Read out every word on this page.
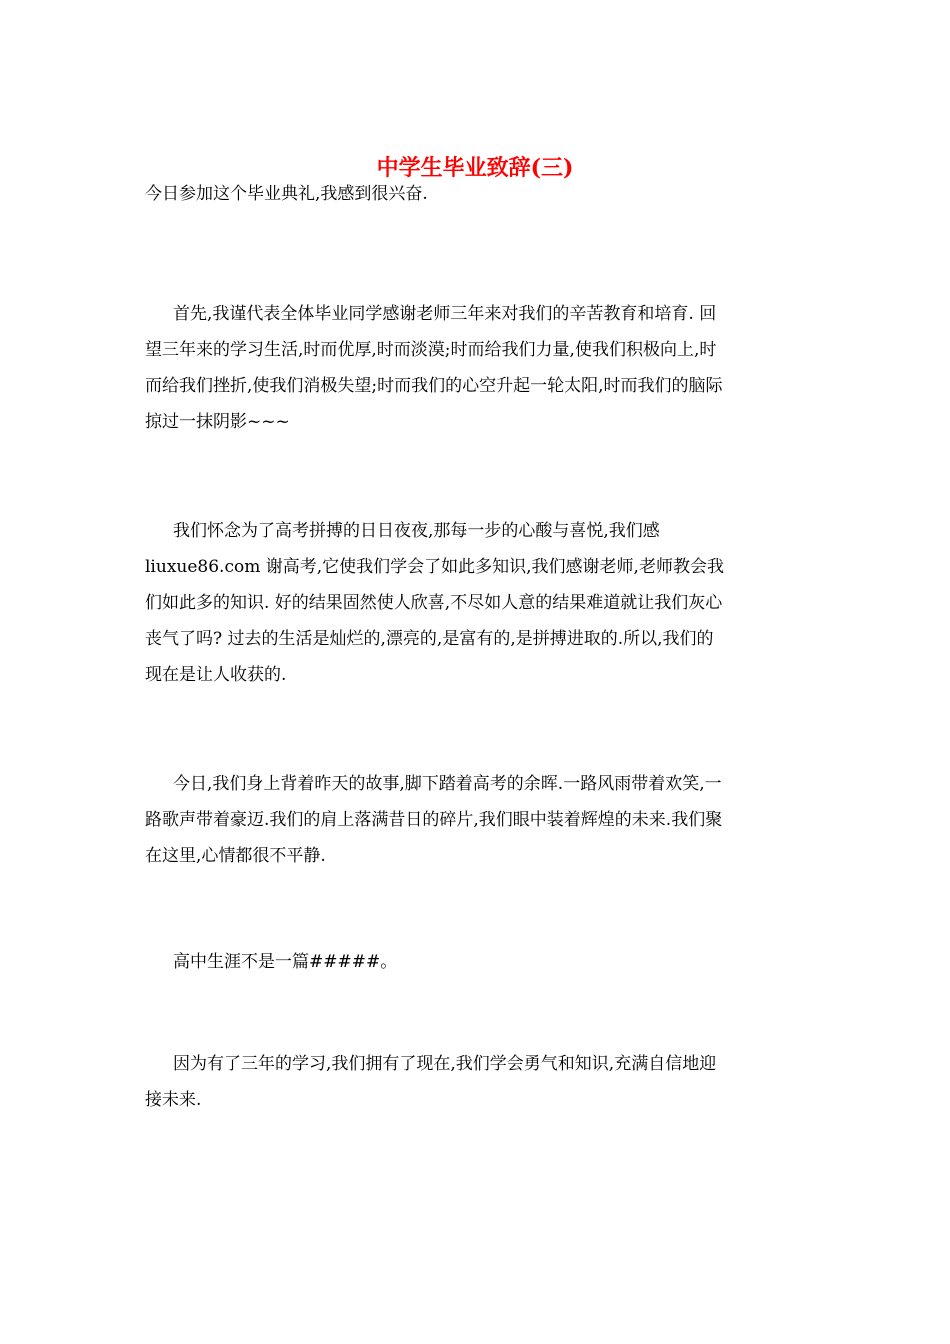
中学生毕业致辞(三)

今日参加这个毕业典礼,我感到很兴奋.

首先,我谨代表全体毕业同学感谢老师三年来对我们的辛苦教育和培育. 回
望三年来的学习生活,时而优厚,时而淡漠;时而给我们力量,使我们积极向上,时
而给我们挫折,使我们消极失望;时而我们的心空升起一轮太阳,时而我们的脑际
掠过一抹阴影~~~

我们怀念为了高考拼搏的日日夜夜,那每一步的心酸与喜悦,我们感
liuxue86.com 谢高考,它使我们学会了如此多知识,我们感谢老师,老师教会我
们如此多的知识. 好的结果固然使人欣喜,不尽如人意的结果难道就让我们灰心
丧气了吗? 过去的生活是灿烂的,漂亮的,是富有的,是拼搏进取的.所以,我们的
现在是让人收获的.

今日,我们身上背着昨天的故事,脚下踏着高考的余晖.一路风雨带着欢笑,一
路歌声带着豪迈.我们的肩上落满昔日的碎片,我们眼中装着辉煌的未来.我们聚
在这里,心情都很不平静.

高中生涯不是一篇#####。

因为有了三年的学习,我们拥有了现在,我们学会勇气和知识,充满自信地迎
接未来.
